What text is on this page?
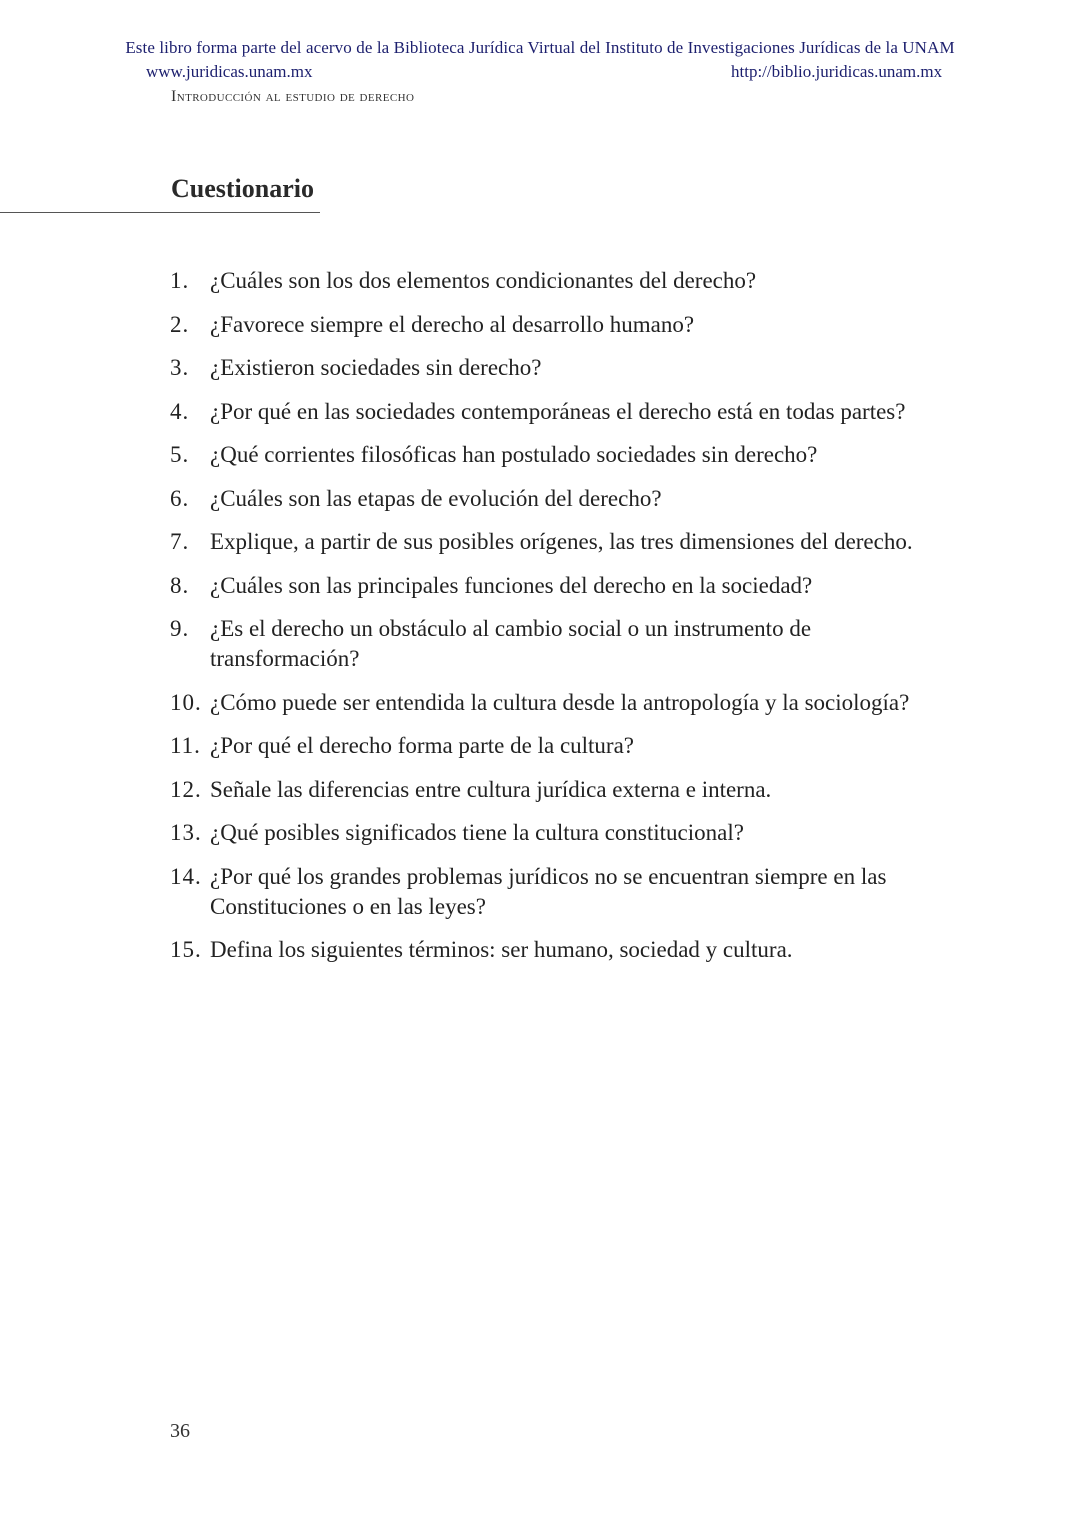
Este libro forma parte del acervo de la Biblioteca Jurídica Virtual del Instituto de Investigaciones Jurídicas de la UNAM
www.juridicas.unam.mx	http://biblio.juridicas.unam.mx
Introducción al estudio de derecho
Cuestionario
1. ¿Cuáles son los dos elementos condicionantes del derecho?
2. ¿Favorece siempre el derecho al desarrollo humano?
3. ¿Existieron sociedades sin derecho?
4. ¿Por qué en las sociedades contemporáneas el derecho está en todas partes?
5. ¿Qué corrientes filosóficas han postulado sociedades sin derecho?
6. ¿Cuáles son las etapas de evolución del derecho?
7. Explique, a partir de sus posibles orígenes, las tres dimensiones del derecho.
8. ¿Cuáles son las principales funciones del derecho en la sociedad?
9. ¿Es el derecho un obstáculo al cambio social o un instrumento de transformación?
10. ¿Cómo puede ser entendida la cultura desde la antropología y la sociología?
11. ¿Por qué el derecho forma parte de la cultura?
12. Señale las diferencias entre cultura jurídica externa e interna.
13. ¿Qué posibles significados tiene la cultura constitucional?
14. ¿Por qué los grandes problemas jurídicos no se encuentran siempre en las Constituciones o en las leyes?
15. Defina los siguientes términos: ser humano, sociedad y cultura.
36
